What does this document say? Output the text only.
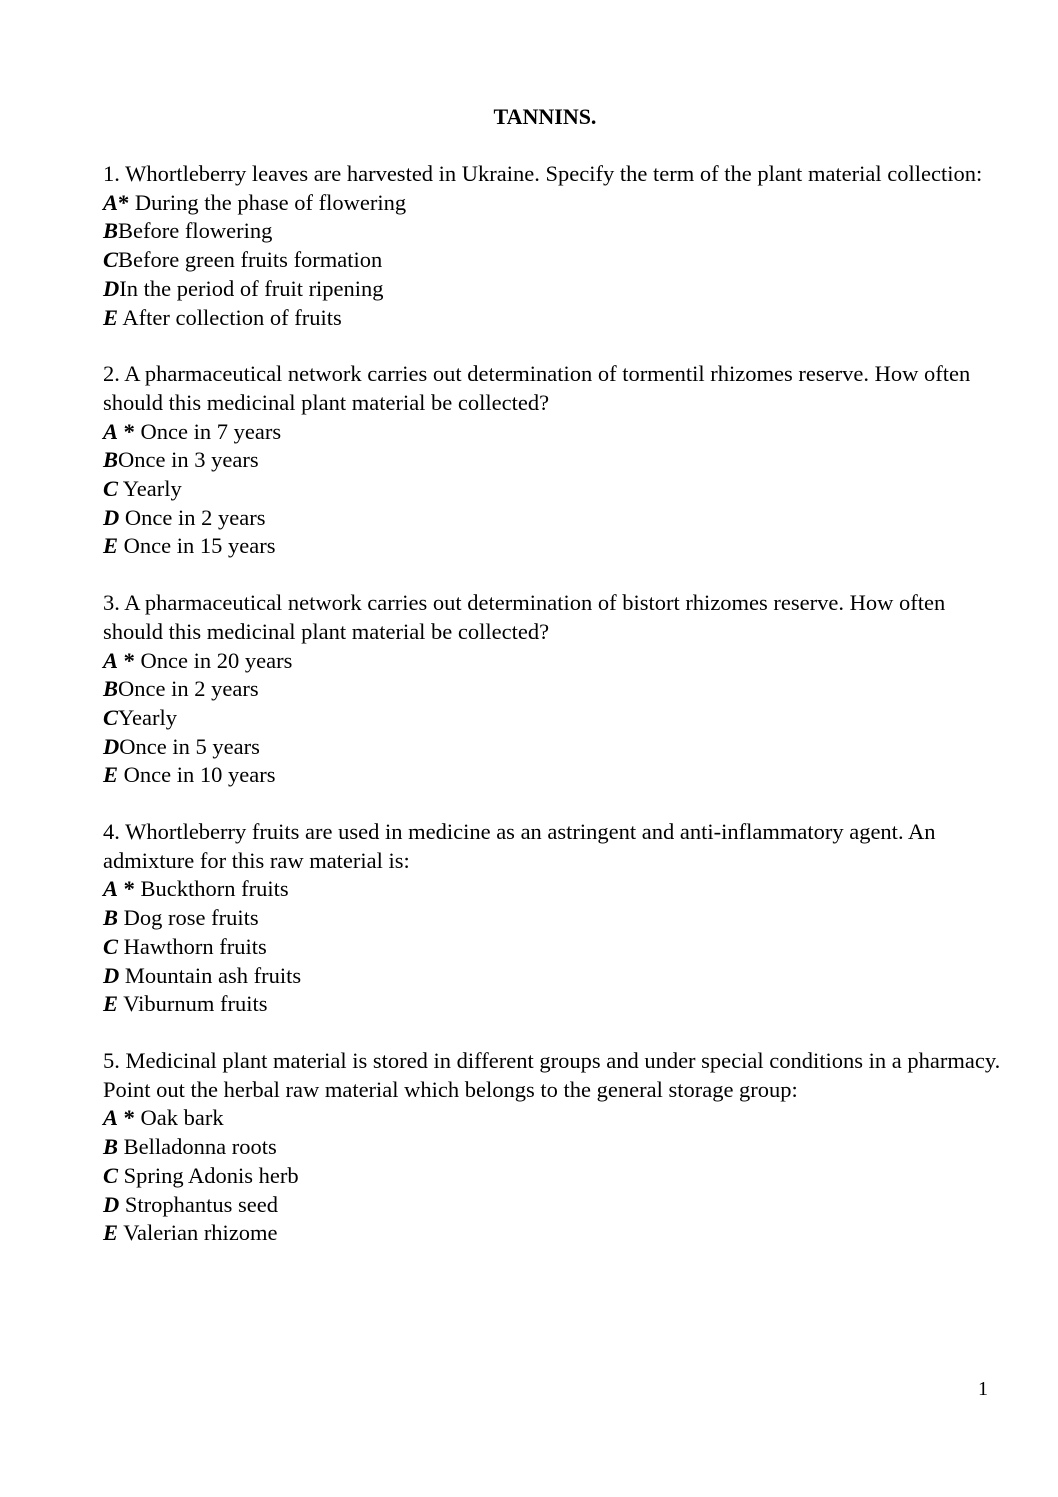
TANNINS.
1. Whortleberry leaves are harvested in Ukraine. Specify the term of the plant material collection:
A* During the phase of flowering
BBefore flowering
CBefore green fruits formation
DIn the period of fruit ripening
E After collection of fruits
2. A pharmaceutical network carries out determination of tormentil rhizomes reserve. How often should this medicinal plant material be collected?
A * Once in 7 years
BOnce in 3 years
C Yearly
D Once in 2 years
E Once in 15 years
3. A pharmaceutical network carries out determination of bistort rhizomes reserve. How often should this medicinal plant material be collected?
A * Once in 20 years
BOnce in 2 years
CYearly
DOnce in 5 years
E Once in 10 years
4. Whortleberry fruits are used in medicine as an astringent and anti-inflammatory agent. An admixture for this raw material is:
A * Buckthorn fruits
B Dog rose fruits
C Hawthorn fruits
D Mountain ash fruits
E Viburnum fruits
5. Medicinal plant material is stored in different groups and under special conditions in a pharmacy. Point out the herbal raw material which belongs to the general storage group:
A * Oak bark
B Belladonna roots
C Spring Adonis herb
D Strophantus seed
E Valerian rhizome
1
